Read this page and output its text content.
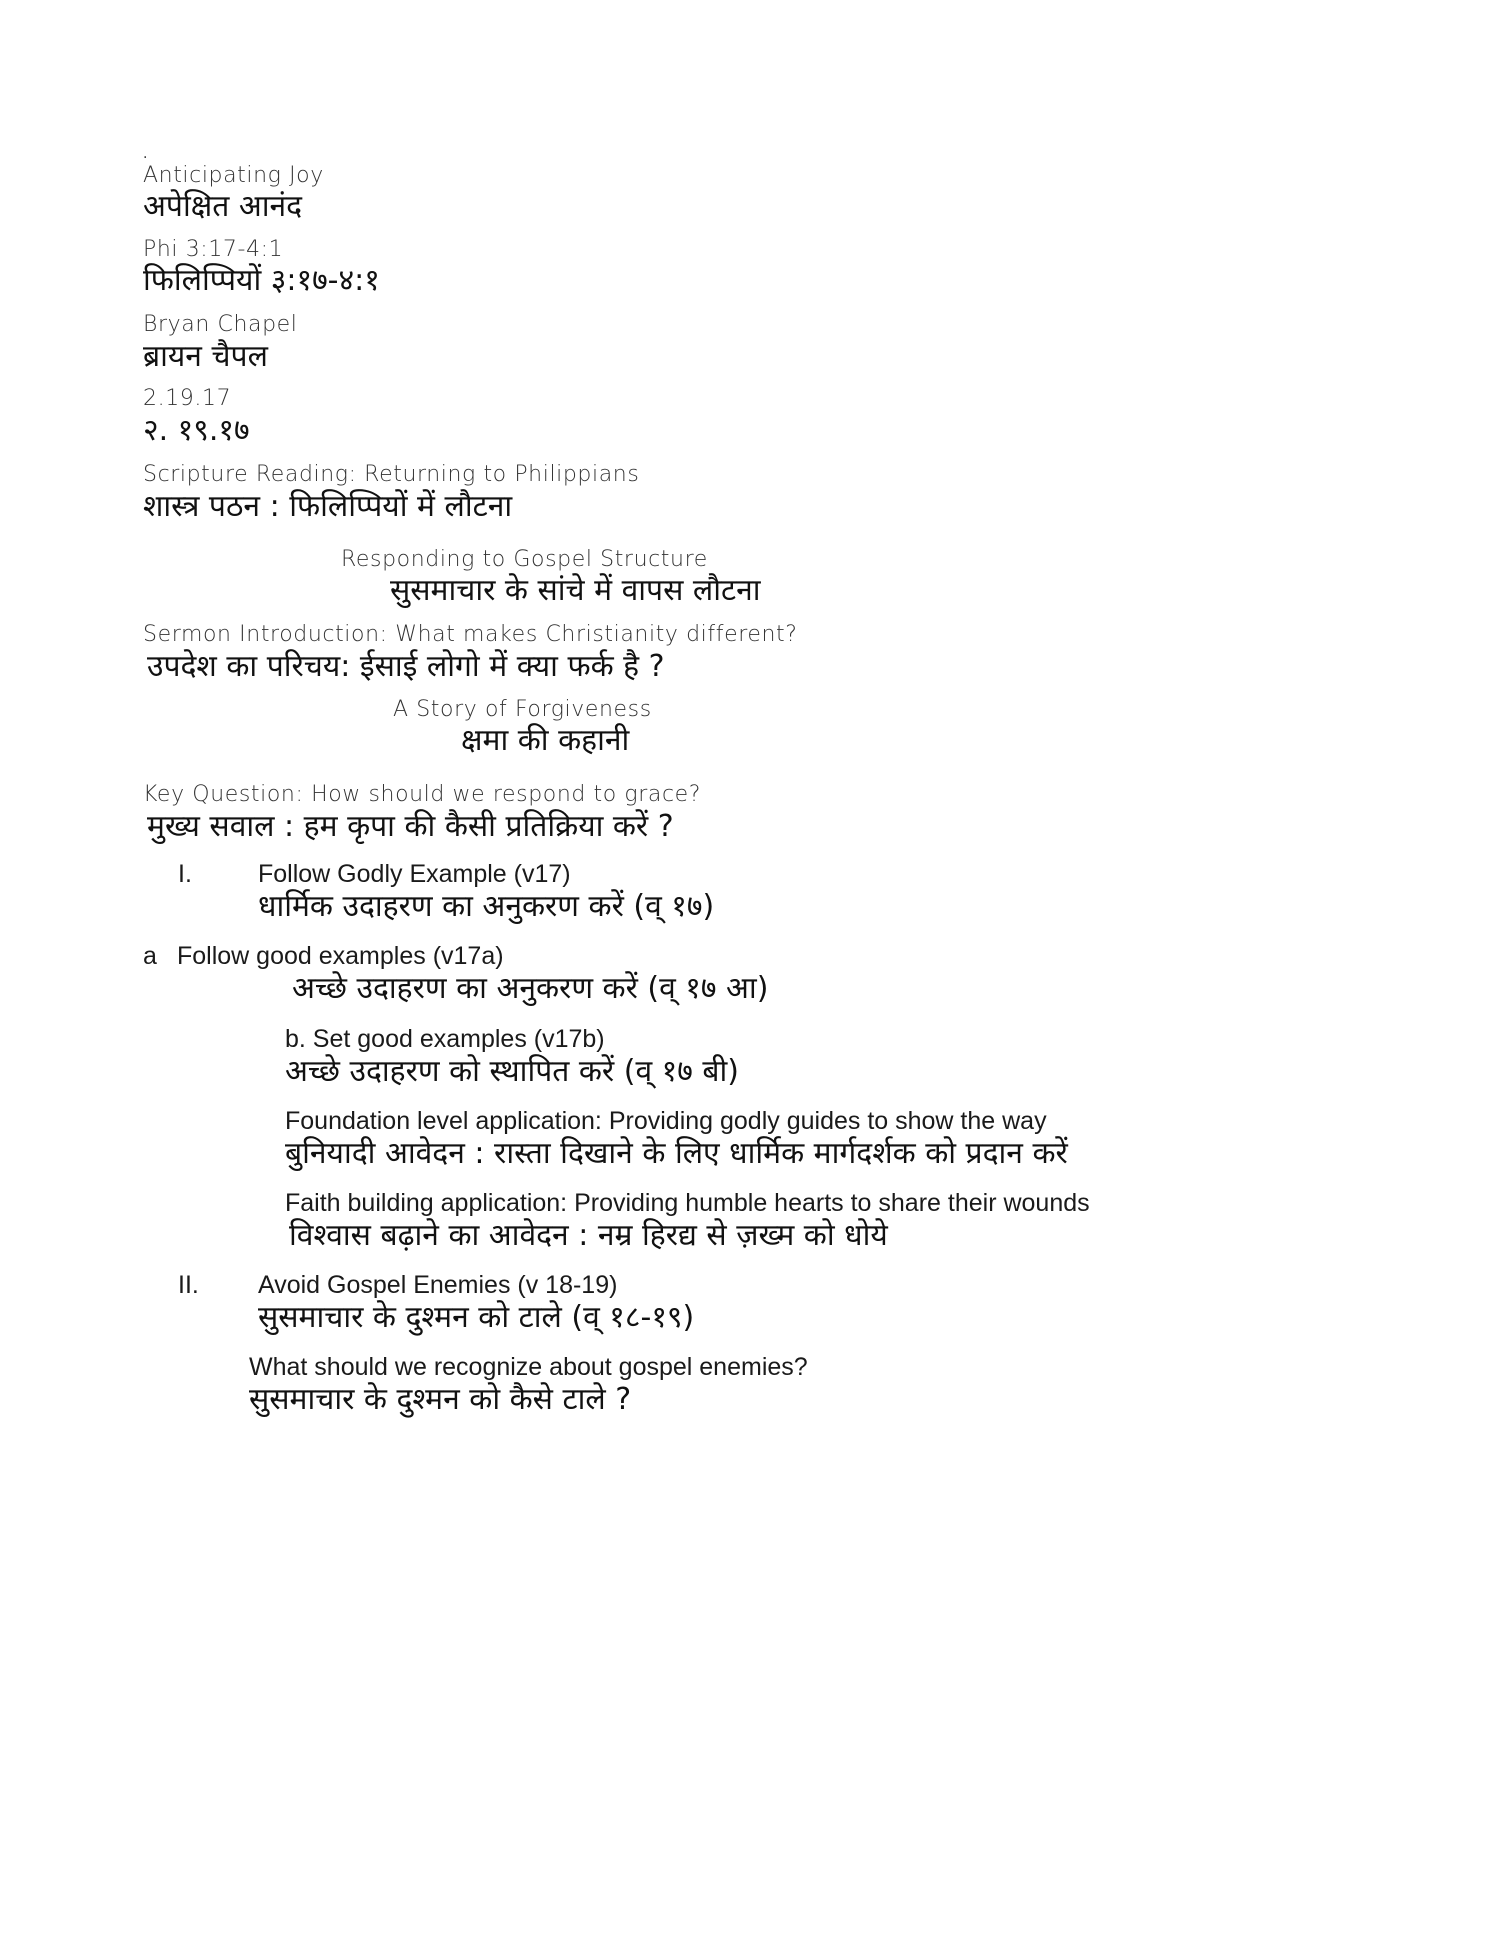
.

Anticipating Joy

अपेक्षित आनंद

Phi 3:17-4:1

फिलिप्पियों ३:१७-४:१

Bryan Chapel

ब्रायन चैपल

2.19.17

२. १९.१७

Scripture Reading: Returning to Philippians

शास्त्र पठन : फिलिप्पियों में लौटना

Responding to Gospel Structure

सुसमाचार के सांचे में वापस लौटना

Sermon Introduction: What makes Christianity different?

उपदेश का परिचय: ईसाई लोगो में क्या फर्क है ?

A Story of Forgiveness

क्षमा की कहानी

Key Question: How should we respond to grace?

मुख्य सवाल : हम कृपा की कैसी प्रतिक्रिया करें ?

I.	Follow Godly Example (v17)

धार्मिक उदाहरण का अनुकरण करें (व् १७)

a Follow good examples (v17a)

अच्छे उदाहरण का अनुकरण करें (व् १७ आ)

b. Set good examples (v17b)

अच्छे उदाहरण को स्थापित करें (व् १७ बी)

Foundation level application: Providing godly guides to show the way

बुनियादी आवेदन : रास्ता दिखाने के लिए धार्मिक मार्गदर्शक को प्रदान करें

Faith building application: Providing humble hearts to share their wounds

विश्वास बढ़ाने का आवेदन : नम्र हिरद्य से ज़ख्म को धोये

II. Avoid Gospel Enemies (v 18-19)

सुसमाचार के दुश्मन को टाले (व् १८-१९)

What should we recognize about gospel enemies?

सुसमाचार के दुश्मन को कैसे टाले ?
